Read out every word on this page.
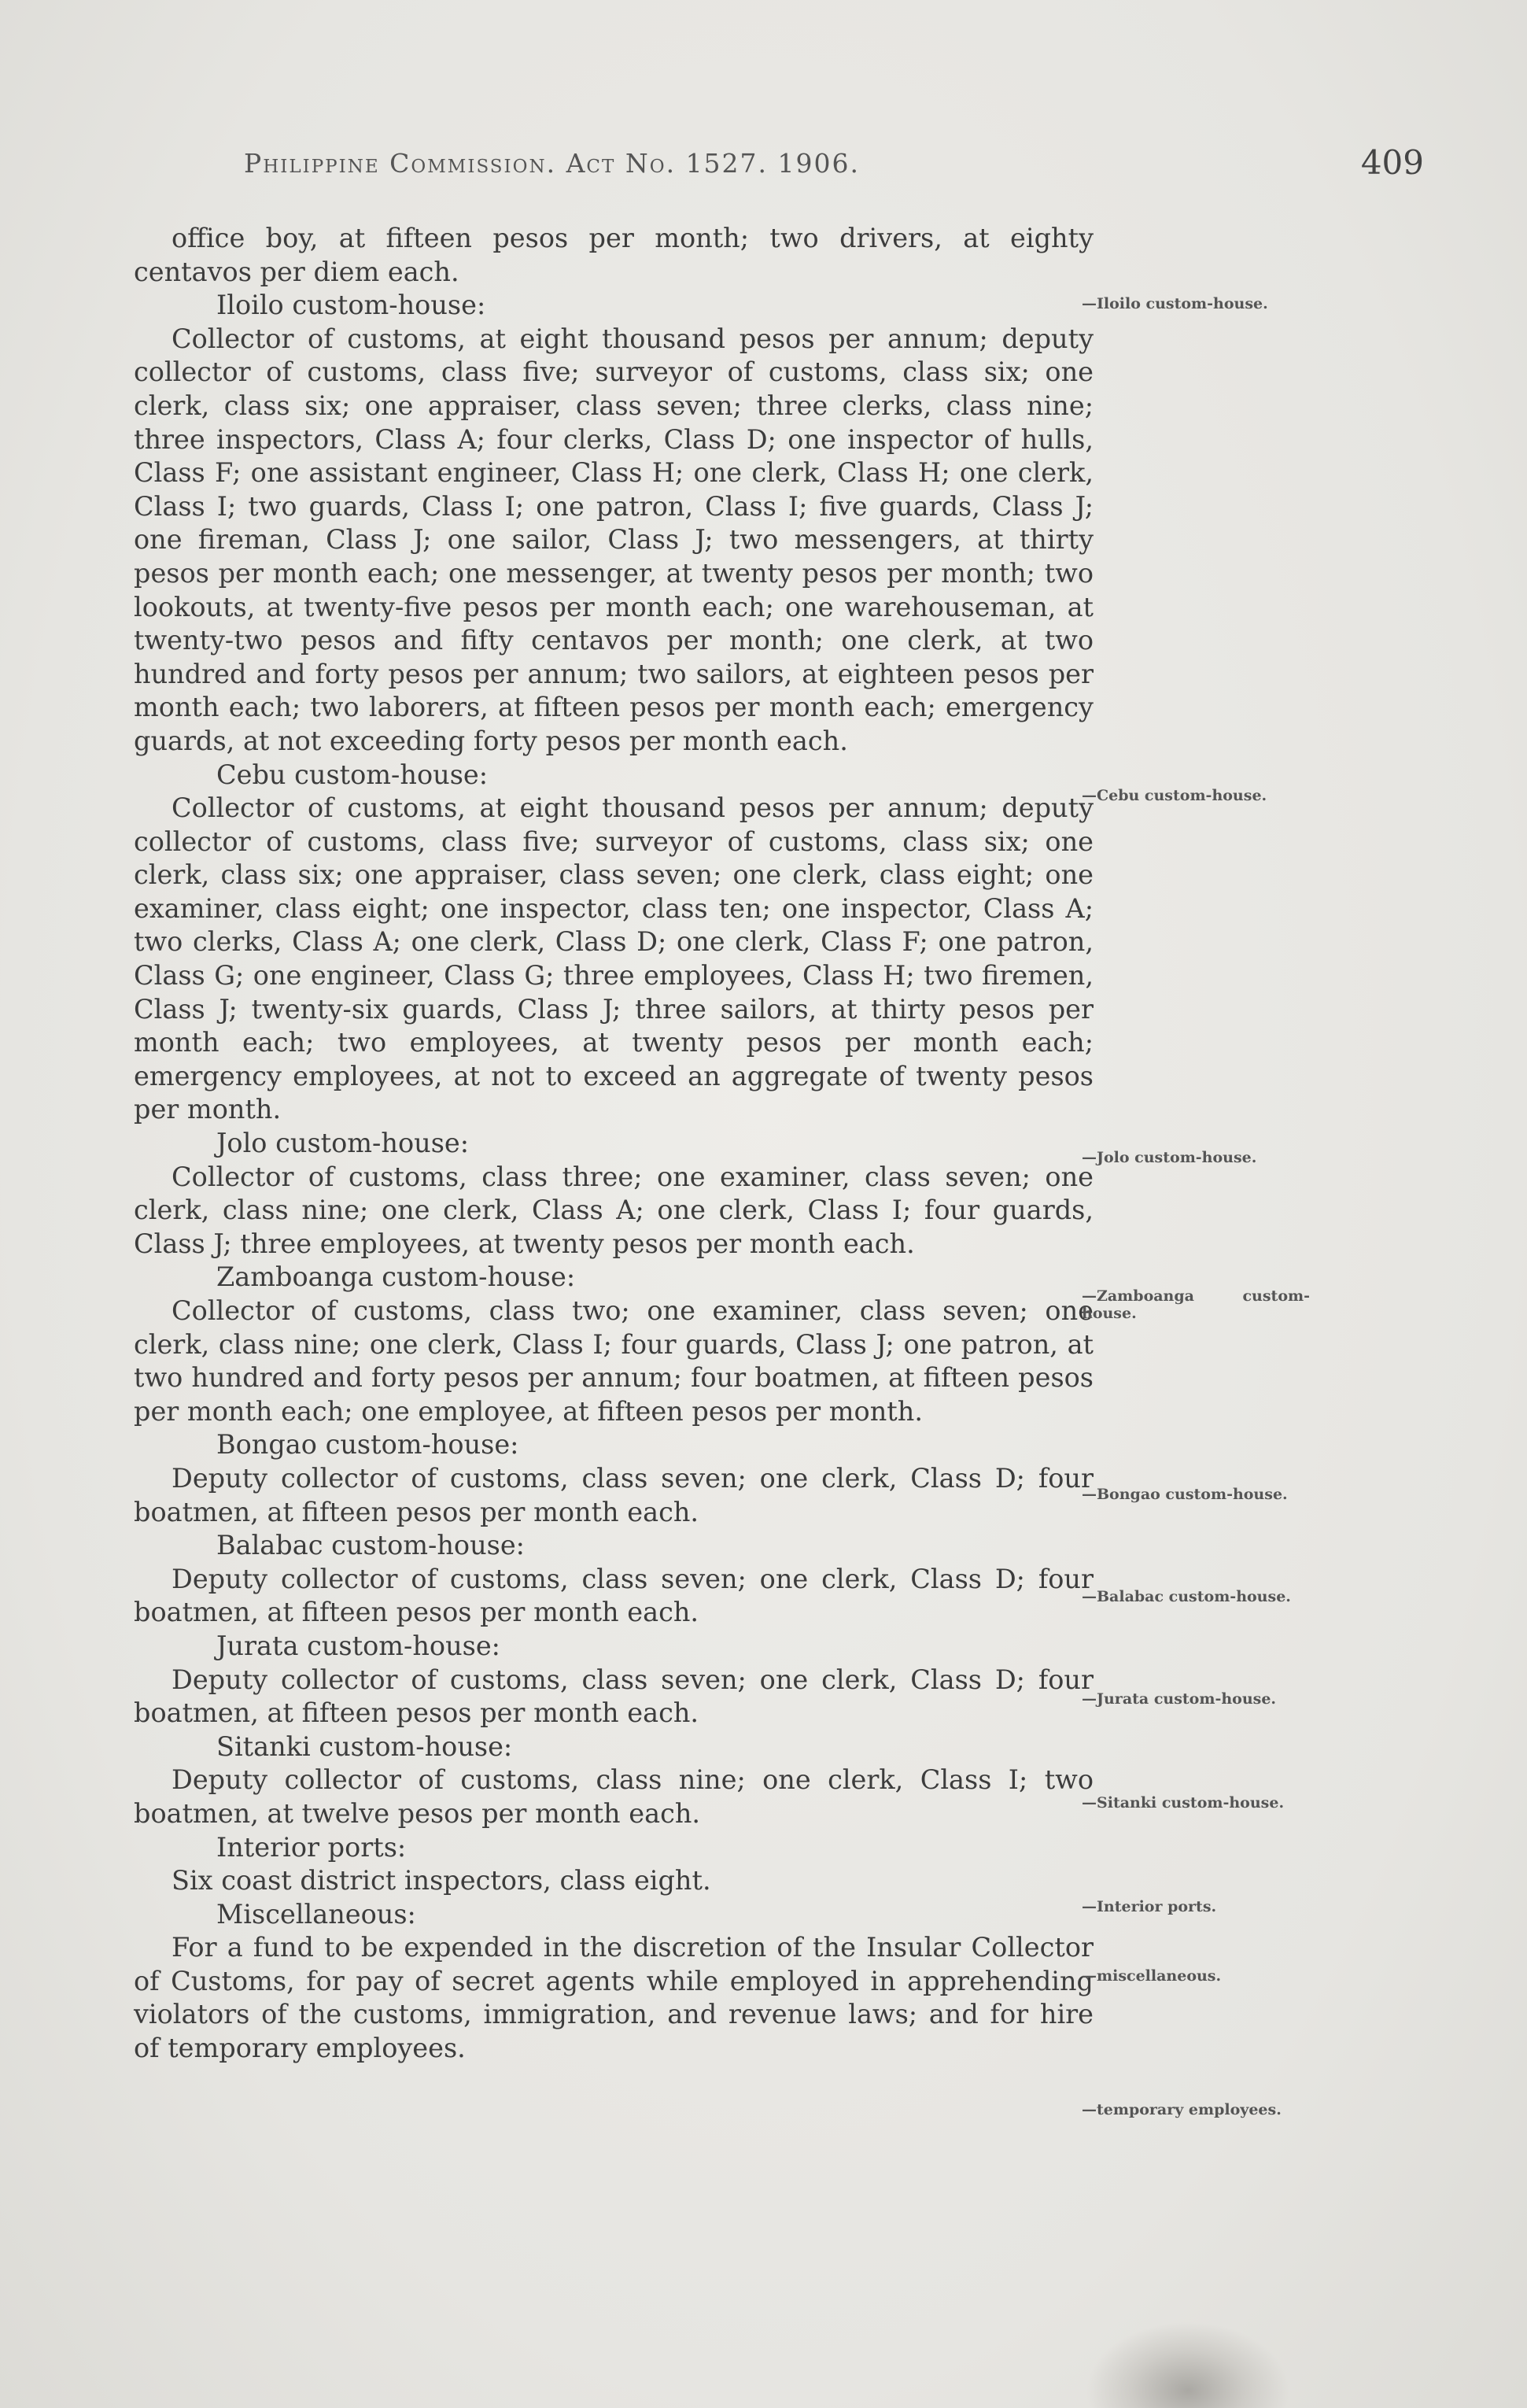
Philippine Commission. Act No. 1527. 1906.	409

office boy, at fifteen pesos per month; two drivers, at eighty centavos per diem each.

Iloilo custom-house:

Collector of customs, at eight thousand pesos per annum; deputy collector of customs, class five; surveyor of customs, class six; one clerk, class six; one appraiser, class seven; three clerks, class nine; three inspectors, Class A; four clerks, Class D; one inspector of hulls, Class F; one assistant engineer, Class H; one clerk, Class H; one clerk, Class I; two guards, Class I; one patron, Class I; five guards, Class J; one fireman, Class J; one sailor, Class J; two messengers, at thirty pesos per month each; one messenger, at twenty pesos per month; two lookouts, at twenty-five pesos per month each; one warehouseman, at twenty-two pesos and fifty centavos per month; one clerk, at two hundred and forty pesos per annum; two sailors, at eighteen pesos per month each; two laborers, at fifteen pesos per month each; emergency guards, at not exceeding forty pesos per month each.

Cebu custom-house:

Collector of customs, at eight thousand pesos per annum; deputy collector of customs, class five; surveyor of customs, class six; one clerk, class six; one appraiser, class seven; one clerk, class eight; one examiner, class eight; one inspector, class ten; one inspector, Class A; two clerks, Class A; one clerk, Class D; one clerk, Class F; one patron, Class G; one engineer, Class G; three employees, Class H; two firemen, Class J; twenty-six guards, Class J; three sailors, at thirty pesos per month each; two employees, at twenty pesos per month each; emergency employees, at not to exceed an aggregate of twenty pesos per month.

Jolo custom-house:

Collector of customs, class three; one examiner, class seven; one clerk, class nine; one clerk, Class A; one clerk, Class I; four guards, Class J; three employees, at twenty pesos per month each.

Zamboanga custom-house:

Collector of customs, class two; one examiner, class seven; one clerk, class nine; one clerk, Class I; four guards, Class J; one patron, at two hundred and forty pesos per annum; four boatmen, at fifteen pesos per month each; one employee, at fifteen pesos per month.

Bongao custom-house:

Deputy collector of customs, class seven; one clerk, Class D; four boatmen, at fifteen pesos per month each.

Balabac custom-house:

Deputy collector of customs, class seven; one clerk, Class D; four boatmen, at fifteen pesos per month each.

Jurata custom-house:

Deputy collector of customs, class seven; one clerk, Class D; four boatmen, at fifteen pesos per month each.

Sitanki custom-house:

Deputy collector of customs, class nine; one clerk, Class I; two boatmen, at twelve pesos per month each.

Interior ports:

Six coast district inspectors, class eight.

Miscellaneous:

For a fund to be expended in the discretion of the Insular Collector of Customs, for pay of secret agents while employed in apprehending violators of the customs, immigration, and revenue laws; and for hire of temporary employees.

—Iloilo custom-house.
—Cebu custom-house.
—Jolo custom-house.
—Zamboanga custom-house.
—Bongao custom-house.
—Balabac custom-house.
—Jurata custom-house.
—Sitanki custom-house.
—Interior ports.
—miscellaneous.
—temporary employees.
